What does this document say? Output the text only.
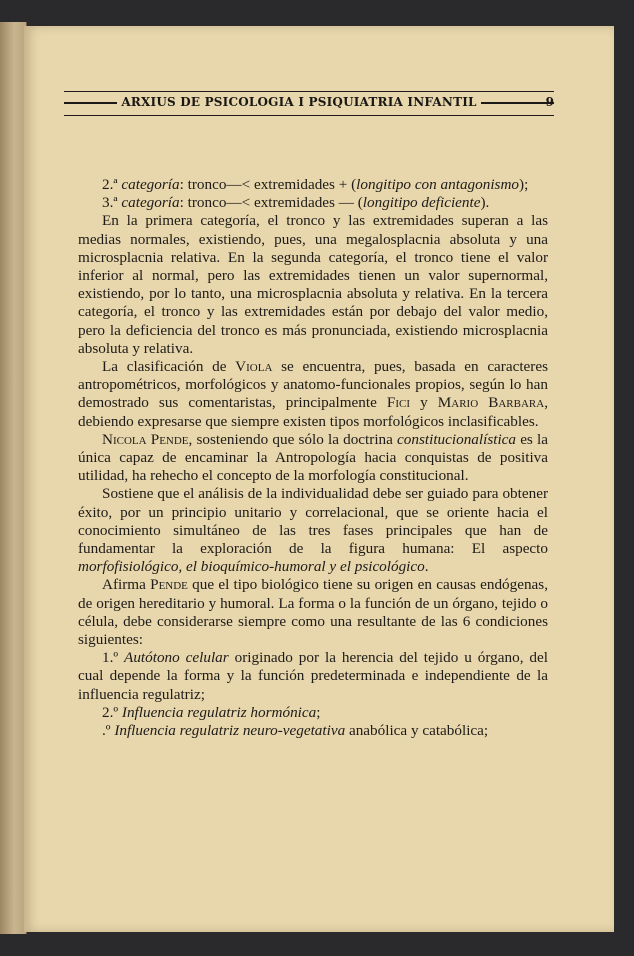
ARXIUS DE PSICOLOGIA I PSIQUIATRIA INFANTIL	9

2.ª categoría: tronco—< extremidades + (longitipo con antagonismo);

3.ª categoría: tronco—< extremidades — (longitipo deficiente).

En la primera categoría, el tronco y las extremidades superan a las medias normales, existiendo, pues, una megalosplacnia absoluta y una microsplacnia relativa. En la segunda categoría, el tronco tiene el valor inferior al normal, pero las extremidades tienen un valor supernormal, existiendo, por lo tanto, una microsplacnia absoluta y relativa. En la tercera categoría, el tronco y las extremidades están por debajo del valor medio, pero la deficiencia del tronco es más pronunciada, existiendo microsplacnia absoluta y relativa.

La clasificación de Viola se encuentra, pues, basada en caracteres antropométricos, morfológicos y anatomo-funcionales propios, según lo han demostrado sus comentaristas, principalmente Fici y Mario Barbara, debiendo expresarse que siempre existen tipos morfológicos inclasificables.

Nicola Pende, sosteniendo que sólo la doctrina constitucionalística es la única capaz de encaminar la Antropología hacia conquistas de positiva utilidad, ha rehecho el concepto de la morfología constitucional.

Sostiene que el análisis de la individualidad debe ser guiado para obtener éxito, por un principio unitario y correlacional, que se oriente hacia el conocimiento simultáneo de las tres fases principales que han de fundamentar la exploración de la figura humana: El aspecto morfofisiológico, el bioquímico-humoral y el psicológico.

Afirma Pende que el tipo biológico tiene su origen en causas endógenas, de origen hereditario y humoral. La forma o la función de un órgano, tejido o célula, debe considerarse siempre como una resultante de las 6 condiciones siguientes:

1.º Autótono celular originado por la herencia del tejido u órgano, del cual depende la forma y la función predeterminada e independiente de la influencia regulatriz;

2.º Influencia regulatriz hormónica;

.º Influencia regulatriz neuro-vegetativa anabólica y catabólica;
